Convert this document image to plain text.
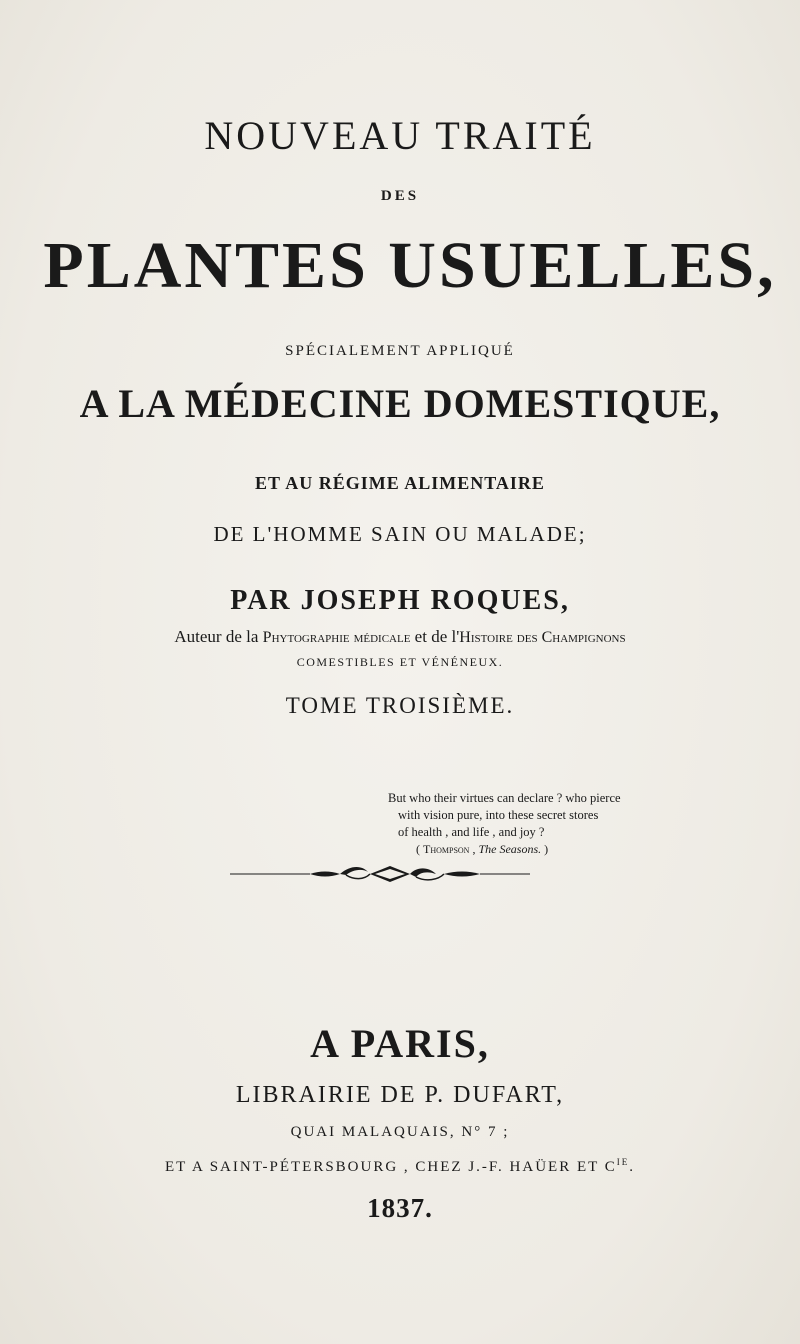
NOUVEAU TRAITÉ
DES
PLANTES USUELLES,
SPÉCIALEMENT APPLIQUÉ
A LA MÉDECINE DOMESTIQUE,
ET AU RÉGIME ALIMENTAIRE
DE L'HOMME SAIN OU MALADE;
PAR JOSEPH ROQUES,
Auteur de la Phytographie médicale et de l'Histoire des Champignons
COMESTIBLES ET VÉNÉNEUX.
TOME TROISIÈME.
But who their virtues can declare ? who pierce
with vision pure, into these secret stores
of health , and life , and joy ?
( Thompson , The Seasons. )
A PARIS,
LIBRAIRIE DE P. DUFART,
QUAI MALAQUAIS, N° 7 ;
ET A SAINT-PÉTERSBOURG , CHEZ J.-F. HAÜER ET $C^{IE}$.
1837.
